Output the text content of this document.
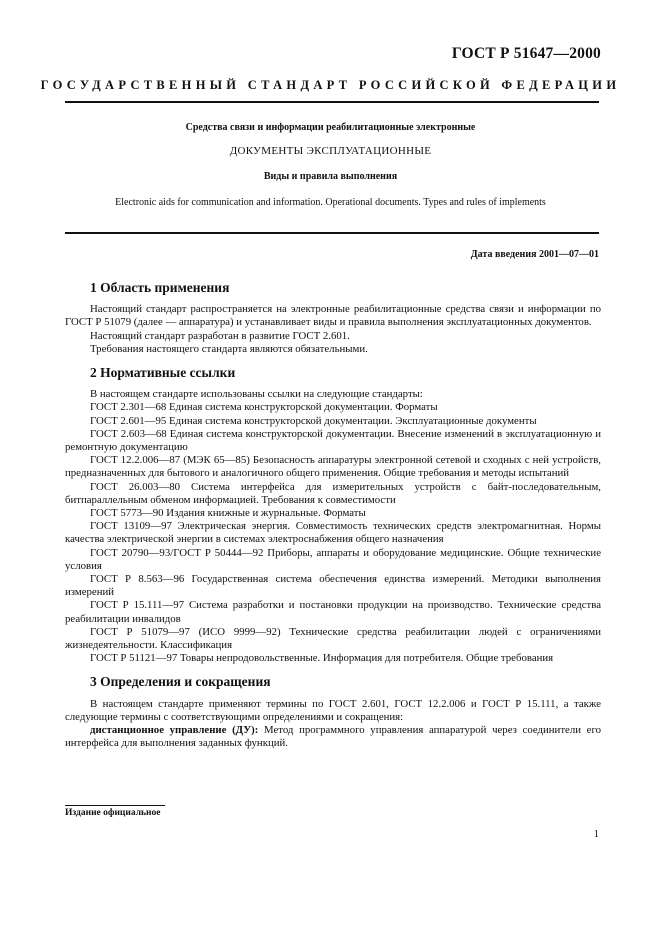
ГОСТ Р 51647—2000
ГОСУДАРСТВЕННЫЙ СТАНДАРТ РОССИЙСКОЙ ФЕДЕРАЦИИ
Средства связи и информации реабилитационные электронные
ДОКУМЕНТЫ ЭКСПЛУАТАЦИОННЫЕ
Виды и правила выполнения
Electronic aids for communication and information. Operational documents. Types and rules of implements
Дата введения 2001—07—01
1 Область применения

Настоящий стандарт распространяется на электронные реабилитационные средства связи и информации по ГОСТ Р 51079 (далее — аппаратура) и устанавливает виды и правила выполнения эксплуатационных документов.

Настоящий стандарт разработан в развитие ГОСТ 2.601.

Требования настоящего стандарта являются обязательными.

2 Нормативные ссылки

В настоящем стандарте использованы ссылки на следующие стандарты:

ГОСТ 2.301—68 Единая система конструкторской документации. Форматы

ГОСТ 2.601—95 Единая система конструкторской документации. Эксплуатационные документы

ГОСТ 2.603—68 Единая система конструкторской документации. Внесение изменений в эксплуатационную и ремонтную документацию

ГОСТ 12.2.006—87 (МЭК 65—85) Безопасность аппаратуры электронной сетевой и сходных с ней устройств, предназначенных для бытового и аналогичного общего применения. Общие требования и методы испытаний

ГОСТ 26.003—80 Система интерфейса для измерительных устройств с байт-последовательным, битпараллельным обменом информацией. Требования к совместимости

ГОСТ 5773—90 Издания книжные и журнальные. Форматы

ГОСТ 13109—97 Электрическая энергия. Совместимость технических средств электромагнитная. Нормы качества электрической энергии в системах электроснабжения общего назначения

ГОСТ 20790—93/ГОСТ Р 50444—92 Приборы, аппараты и оборудование медицинские. Общие технические условия

ГОСТ Р 8.563—96 Государственная система обеспечения единства измерений. Методики выполнения измерений

ГОСТ Р 15.111—97 Система разработки и постановки продукции на производство. Технические средства реабилитации инвалидов

ГОСТ Р 51079—97 (ИСО 9999—92) Технические средства реабилитации людей с ограничениями жизнедеятельности. Классификация

ГОСТ Р 51121—97 Товары непродовольственные. Информация для потребителя. Общие требования

3 Определения и сокращения

В настоящем стандарте применяют термины по ГОСТ 2.601, ГОСТ 12.2.006 и ГОСТ Р 15.111, а также следующие термины с соответствующими определениями и сокращения:

дистанционное управление (ДУ): Метод программного управления аппаратурой через соединители его интерфейса для выполнения заданных функций.

Издание официальное
1
